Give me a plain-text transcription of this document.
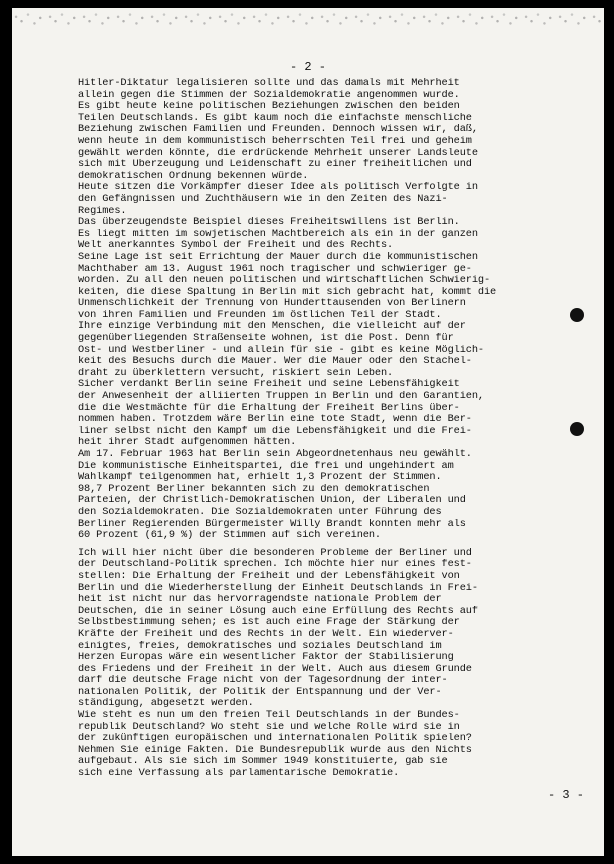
- 2 -
Hitler-Diktatur legalisieren sollte und das damals mit Mehrheit
allein gegen die Stimmen der Sozialdemokratie angenommen wurde.
Es gibt heute keine politischen Beziehungen zwischen den beiden
Teilen Deutschlands. Es gibt kaum noch die einfachste menschliche
Beziehung zwischen Familien und Freunden. Dennoch wissen wir, daß,
wenn heute in dem kommunistisch beherrschten Teil frei und geheim
gewählt werden könnte, die erdrückende Mehrheit unserer Landsleute
sich mit Überzeugung und Leidenschaft zu einer freiheitlichen und
demokratischen Ordnung bekennen würde.
Heute sitzen die Vorkämpfer dieser Idee als politisch Verfolgte in
den Gefängnissen und Zuchthäusern wie in den Zeiten des Nazi-
Regimes.
Das überzeugendste Beispiel dieses Freiheitswillens ist Berlin.
Es liegt mitten im sowjetischen Machtbereich als ein in der ganzen
Welt anerkanntes Symbol der Freiheit und des Rechts.
Seine Lage ist seit Errichtung der Mauer durch die kommunistischen
Machthaber am 13. August 1961 noch tragischer und schwieriger ge-
worden. Zu all den neuen politischen und wirtschaftlichen Schwierig-
keiten, die diese Spaltung in Berlin mit sich gebracht hat, kommt die
Unmenschlichkeit der Trennung von Hunderttausenden von Berlinern
von ihren Familien und Freunden im östlichen Teil der Stadt.
Ihre einzige Verbindung mit den Menschen, die vielleicht auf der
gegenüberliegenden Straßenseite wohnen, ist die Post. Denn für
Ost- und Westberliner - und allein für sie - gibt es keine Möglich-
keit des Besuchs durch die Mauer. Wer die Mauer oder den Stachel-
draht zu überklettern versucht, riskiert sein Leben.
Sicher verdankt Berlin seine Freiheit und seine Lebensfähigkeit
der Anwesenheit der alliierten Truppen in Berlin und den Garantien,
die die Westmächte für die Erhaltung der Freiheit Berlins über-
nommen haben. Trotzdem wäre Berlin eine tote Stadt, wenn die Ber-
liner selbst nicht den Kampf um die Lebensfähigkeit und die Frei-
heit ihrer Stadt aufgenommen hätten.
Am 17. Februar 1963 hat Berlin sein Abgeordnetenhaus neu gewählt.
Die kommunistische Einheitspartei, die frei und ungehindert am
Wahlkampf teilgenommen hat, erhielt 1,3 Prozent der Stimmen.
98,7 Prozent Berliner bekannten sich zu den demokratischen
Parteien, der Christlich-Demokratischen Union, der Liberalen und
den Sozialdemokraten. Die Sozialdemokraten unter Führung des
Berliner Regierenden Bürgermeister Willy Brandt konnten mehr als
60 Prozent (61,9 %) der Stimmen auf sich vereinen.
Ich will hier nicht über die besonderen Probleme der Berliner und
der Deutschland-Politik sprechen. Ich möchte hier nur eines fest-
stellen: Die Erhaltung der Freiheit und der Lebensfähigkeit von
Berlin und die Wiederherstellung der Einheit Deutschlands in Frei-
heit ist nicht nur das hervorragendste nationale Problem der
Deutschen, die in seiner Lösung auch eine Erfüllung des Rechts auf
Selbstbestimmung sehen; es ist auch eine Frage der Stärkung der
Kräfte der Freiheit und des Rechts in der Welt. Ein wiederver-
einigtes, freies, demokratisches und soziales Deutschland im
Herzen Europas wäre ein wesentlicher Faktor der Stabilisierung
des Friedens und der Freiheit in der Welt. Auch aus diesem Grunde
darf die deutsche Frage nicht von der Tagesordnung der inter-
nationalen Politik, der Politik der Entspannung und der Ver-
ständigung, abgesetzt werden.
Wie steht es nun um den freien Teil Deutschlands in der Bundes-
republik Deutschland? Wo steht sie und welche Rolle wird sie in
der zukünftigen europäischen und internationalen Politik spielen?
Nehmen Sie einige Fakten. Die Bundesrepublik wurde aus den Nichts
aufgebaut. Als sie sich im Sommer 1949 konstituierte, gab sie
sich eine Verfassung als parlamentarische Demokratie.
- 3 -
